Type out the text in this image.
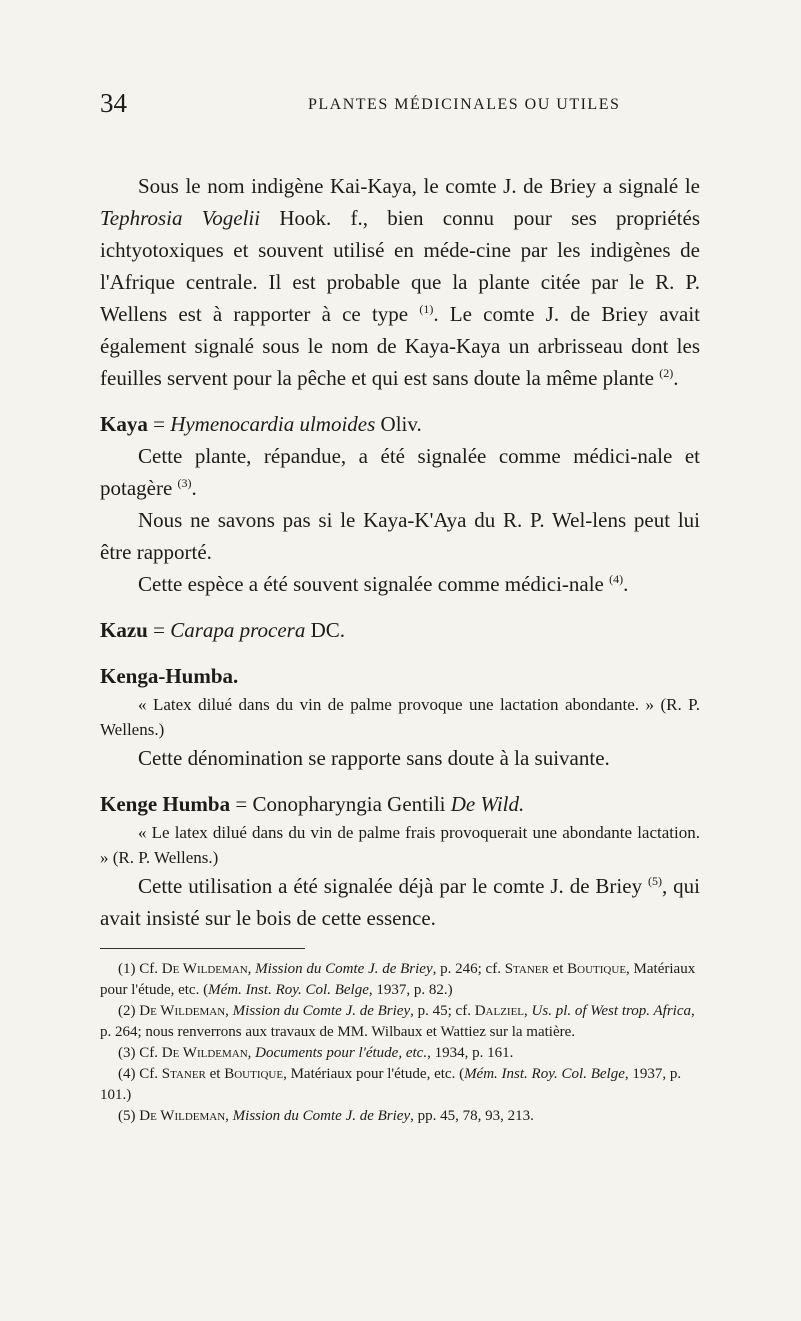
34	PLANTES MÉDICINALES OU UTILES

Sous le nom indigène Kai-Kaya, le comte J. de Briey a signalé le Tephrosia Vogelii Hook. f., bien connu pour ses propriétés ichtyotoxiques et souvent utilisé en méde-cine par les indigènes de l'Afrique centrale. Il est probable que la plante citée par le R. P. Wellens est à rapporter à ce type $^{(1)}$. Le comte J. de Briey avait également signalé sous le nom de Kaya-Kaya un arbrisseau dont les feuilles servent pour la pêche et qui est sans doute la même plante $^{(2)}$.

Kaya = Hymenocardia ulmoides Oliv.

Cette plante, répandue, a été signalée comme médici-nale et potagère $^{(3)}$.

Nous ne savons pas si le Kaya-K'Aya du R. P. Wel-lens peut lui être rapporté.

Cette espèce a été souvent signalée comme médici-nale $^{(4)}$.

Kazu = Carapa procera DC.

Kenga-Humba.

« Latex dilué dans du vin de palme provoque une lactation abondante. » (R. P. Wellens.)

Cette dénomination se rapporte sans doute à la suivante.

Kenge Humba = Conopharyngia Gentili De Wild.

« Le latex dilué dans du vin de palme frais provoquerait une abondante lactation. » (R. P. Wellens.)

Cette utilisation a été signalée déjà par le comte J. de Briey $^{(5)}$, qui avait insisté sur le bois de cette essence.

(1) Cf. De Wildeman, Mission du Comte J. de Briey, p. 246; cf. Staner et Boutique, Matériaux pour l'étude, etc. (Mém. Inst. Roy. Col. Belge, 1937, p. 82.)

(2) De Wildeman, Mission du Comte J. de Briey, p. 45; cf. Dalziel, Us. pl. of West trop. Africa, p. 264; nous renverrons aux travaux de MM. Wilbaux et Wattiez sur la matière.

(3) Cf. De Wildeman, Documents pour l'étude, etc., 1934, p. 161.

(4) Cf. Staner et Boutique, Matériaux pour l'étude, etc. (Mém. Inst. Roy. Col. Belge, 1937, p. 101.)

(5) De Wildeman, Mission du Comte J. de Briey, pp. 45, 78, 93, 213.
